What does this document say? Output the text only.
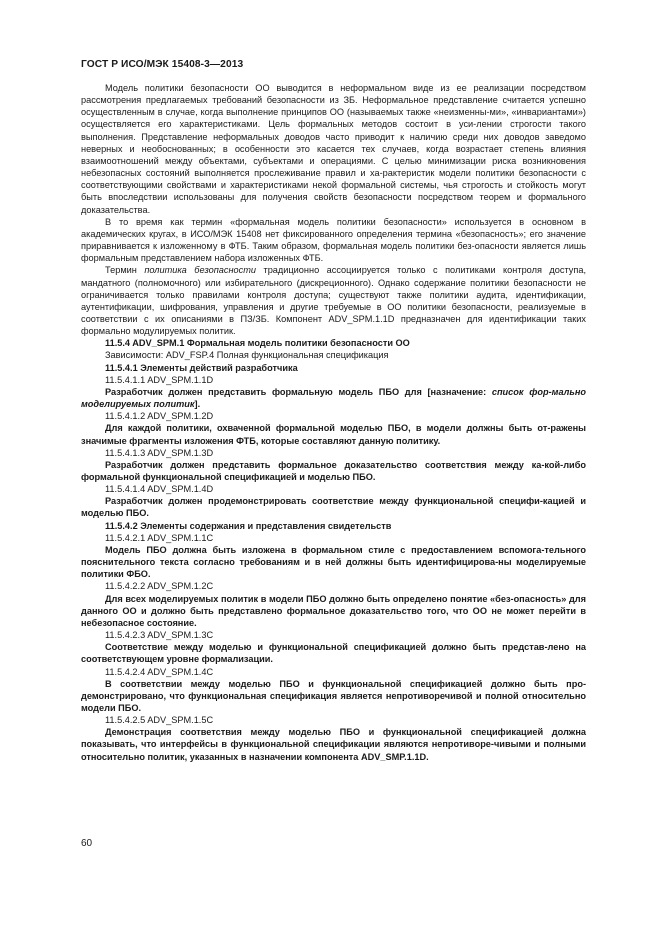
ГОСТ Р ИСО/МЭК 15408-3—2013

Модель политики безопасности ОО выводится в неформальном виде из ее реализации посредством рассмотрения предлагаемых требований безопасности из ЗБ. Неформальное представление считается успешно осуществленным в случае, когда выполнение принципов ОО (называемых также «неизменны-ми», «инвариантами») осуществляется его характеристиками. Цель формальных методов состоит в уси-лении строгости такого выполнения. Представление неформальных доводов часто приводит к наличию среди них доводов заведомо неверных и необоснованных; в особенности это касается тех случаев, когда возрастает степень влияния взаимоотношений между объектами, субъектами и операциями. С целью минимизации риска возникновения небезопасных состояний выполняется прослеживание правил и ха-рактеристик модели политики безопасности с соответствующими свойствами и характеристиками некой формальной системы, чья строгость и стойкость могут быть впоследствии использованы для получения свойств безопасности посредством теорем и формального доказательства.

В то время как термин «формальная модель политики безопасности» используется в основном в академических кругах, в ИСО/МЭК 15408 нет фиксированного определения термина «безопасность»; его значение приравнивается к изложенному в ФТБ. Таким образом, формальная модель политики без-опасности является лишь формальным представлением набора изложенных ФТБ.

Термин политика безопасности традиционно ассоциируется только с политиками контроля доступа, мандатного (полномочного) или избирательного (дискреционного). Однако содержание политики безопасности не ограничивается только правилами контроля доступа; существуют также политики аудита, идентификации, аутентификации, шифрования, управления и другие требуемые в ОО политики безопасности, реализуемые в соответствии с их описаниями в ПЗ/ЗБ. Компонент ADV_SPM.1.1D предназначен для идентификации таких формально модулируемых политик.

11.5.4 ADV_SPM.1 Формальная модель политики безопасности ОО

Зависимости: ADV_FSP.4 Полная функциональная спецификация

11.5.4.1 Элементы действий разработчика

11.5.4.1.1 ADV_SPM.1.1D

Разработчик должен представить формальную модель ПБО для [назначение: список фор-мально моделируемых политик].

11.5.4.1.2 ADV_SPM.1.2D

Для каждой политики, охваченной формальной моделью ПБО, в модели должны быть от-ражены значимые фрагменты изложения ФТБ, которые составляют данную политику.

11.5.4.1.3 ADV_SPM.1.3D

Разработчик должен представить формальное доказательство соответствия между ка-кой-либо формальной функциональной спецификацией и моделью ПБО.

11.5.4.1.4 ADV_SPM.1.4D

Разработчик должен продемонстрировать соответствие между функциональной специфи-кацией и моделью ПБО.

11.5.4.2 Элементы содержания и представления свидетельств

11.5.4.2.1 ADV_SPM.1.1C

Модель ПБО должна быть изложена в формальном стиле с предоставлением вспомога-тельного пояснительного текста согласно требованиям и в ней должны быть идентифицирова-ны моделируемые политики ФБО.

11.5.4.2.2 ADV_SPM.1.2C

Для всех моделируемых политик в модели ПБО должно быть определено понятие «без-опасность» для данного ОО и должно быть представлено формальное доказательство того, что ОО не может перейти в небезопасное состояние.

11.5.4.2.3 ADV_SPM.1.3C

Соответствие между моделью и функциональной спецификацией должно быть представ-лено на соответствующем уровне формализации.

11.5.4.2.4 ADV_SPM.1.4C

В соответствии между моделью ПБО и функциональной спецификацией должно быть про-демонстрировано, что функциональная спецификация является непротиворечивой и полной относительно модели ПБО.

11.5.4.2.5 ADV_SPM.1.5C

Демонстрация соответствия между моделью ПБО и функциональной спецификацией должна показывать, что интерфейсы в функциональной спецификации являются непротиворе-чивыми и полными относительно политик, указанных в назначении компонента ADV_SMP.1.1D.

60
